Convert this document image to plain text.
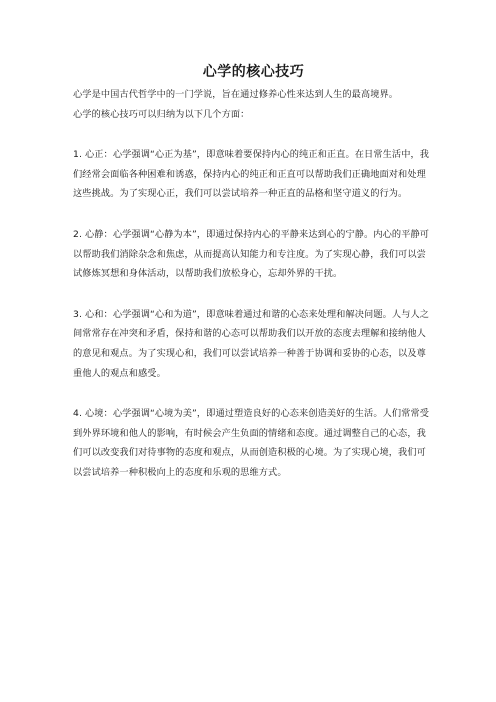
心学的核心技巧

心学是中国古代哲学中的一门学说，旨在通过修养心性来达到人生的最高境界。

心学的核心技巧可以归纳为以下几个方面：

1. 心正：心学强调“心正为基”，即意味着要保持内心的纯正和正直。在日常生活中，我们经常会面临各种困难和诱惑，保持内心的纯正和正直可以帮助我们正确地面对和处理这些挑战。为了实现心正，我们可以尝试培养一种正直的品格和坚守道义的行为。

2. 心静：心学强调“心静为本”，即通过保持内心的平静来达到心的宁静。内心的平静可以帮助我们消除杂念和焦虑，从而提高认知能力和专注度。为了实现心静，我们可以尝试修炼冥想和身体活动，以帮助我们放松身心，忘却外界的干扰。

3. 心和：心学强调“心和为道”，即意味着通过和谐的心态来处理和解决问题。人与人之间常常存在冲突和矛盾，保持和谐的心态可以帮助我们以开放的态度去理解和接纳他人的意见和观点。为了实现心和，我们可以尝试培养一种善于协调和妥协的心态，以及尊重他人的观点和感受。

4. 心境：心学强调“心境为美”，即通过塑造良好的心态来创造美好的生活。人们常常受到外界环境和他人的影响，有时候会产生负面的情绪和态度。通过调整自己的心态，我们可以改变我们对待事物的态度和观点，从而创造积极的心境。为了实现心境，我们可以尝试培养一种积极向上的态度和乐观的思维方式。
